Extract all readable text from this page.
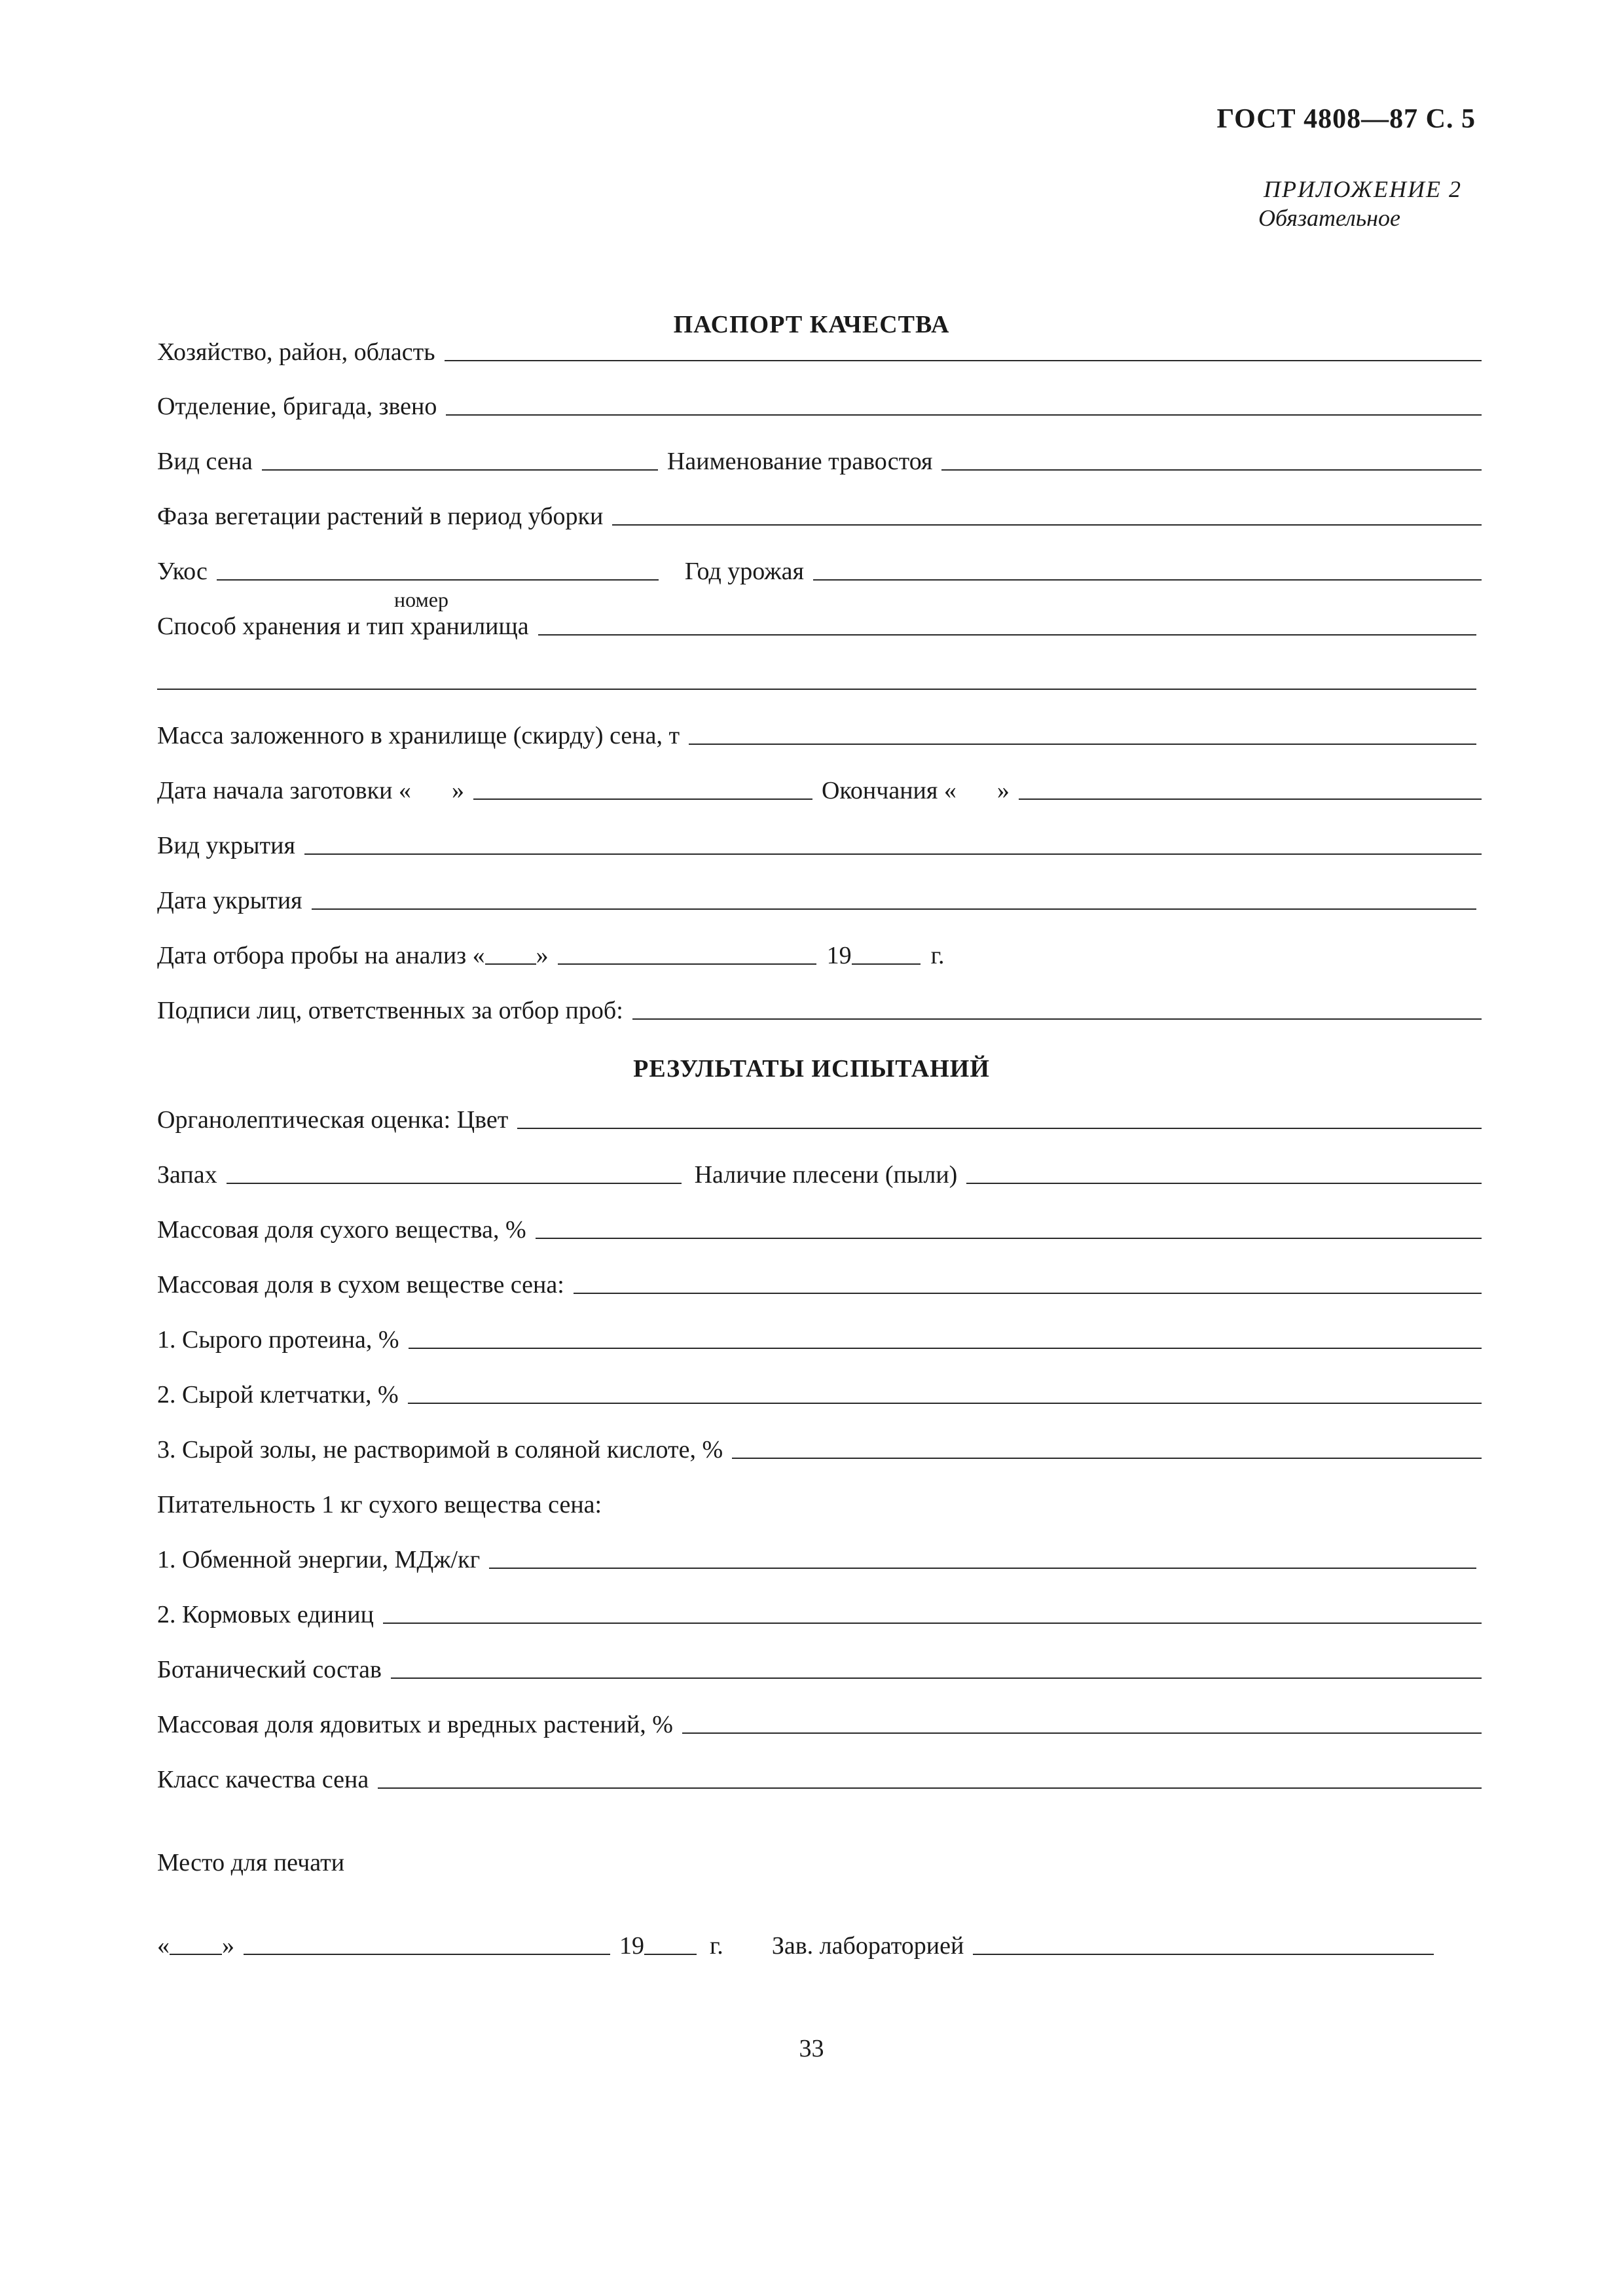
ГОСТ 4808—87 С. 5
ПРИЛОЖЕНИЕ 2
Обязательное
ПАСПОРТ КАЧЕСТВА
Хозяйство, район, область
Отделение, бригада, звено
Вид сена	Наименование травостоя
Фаза вегетации растений в период уборки
Укос	Год урожая
номер
Способ хранения и тип хранилища
Масса заложенного в хранилище (скирду) сена, т
Дата начала заготовки « »	Окончания « »
Вид укрытия
Дата укрытия
Дата отбора пробы на анализ « »	19	г.
Подписи лиц, ответственных за отбор проб:
РЕЗУЛЬТАТЫ ИСПЫТАНИЙ
Органолептическая оценка: Цвет
Запах	Наличие плесени (пыли)
Массовая доля сухого вещества, %
Массовая доля в сухом веществе сена:
1. Сырого протеина, %
2. Сырой клетчатки, %
3. Сырой золы, не растворимой в соляной кислоте, %
Питательность 1 кг сухого вещества сена:
1. Обменной энергии, МДж/кг
2. Кормовых единиц
Ботанический состав
Массовая доля ядовитых и вредных растений, %
Класс качества сена
Место для печати
« »	19	г.	Зав. лабораторией
33
